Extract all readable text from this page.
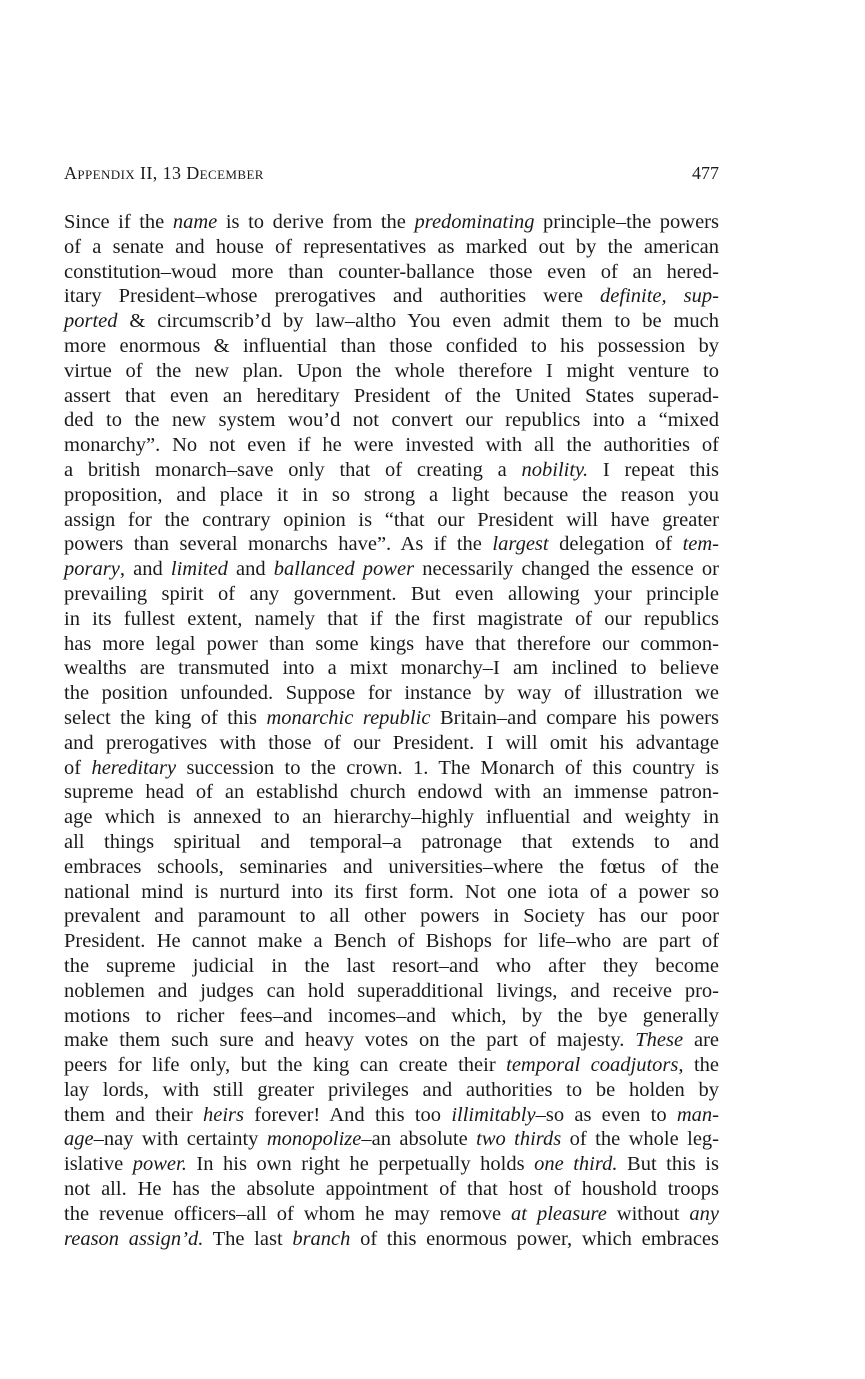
Appendix II, 13 December	477
Since if the name is to derive from the predominating principle–the powers
of a senate and house of representatives as marked out by the american
constitution–woud more than counter-ballance those even of an hered-
itary President–whose prerogatives and authorities were definite, sup-
ported & circumscrib’d by law–altho You even admit them to be much
more enormous & influential than those confided to his possession by
virtue of the new plan. Upon the whole therefore I might venture to
assert that even an hereditary President of the United States superad-
ded to the new system wou’d not convert our republics into a “mixed
monarchy”. No not even if he were invested with all the authorities of
a british monarch–save only that of creating a nobility. I repeat this
proposition, and place it in so strong a light because the reason you
assign for the contrary opinion is “that our President will have greater
powers than several monarchs have”. As if the largest delegation of tem-
porary, and limited and ballanced power necessarily changed the essence or
prevailing spirit of any government. But even allowing your principle
in its fullest extent, namely that if the first magistrate of our republics
has more legal power than some kings have that therefore our common-
wealths are transmuted into a mixt monarchy–I am inclined to believe
the position unfounded. Suppose for instance by way of illustration we
select the king of this monarchic republic Britain–and compare his powers
and prerogatives with those of our President. I will omit his advantage
of hereditary succession to the crown. 1. The Monarch of this country is
supreme head of an establishd church endowd with an immense patron-
age which is annexed to an hierarchy–highly influential and weighty in
all things spiritual and temporal–a patronage that extends to and
embraces schools, seminaries and universities–where the fœtus of the
national mind is nurturd into its first form. Not one iota of a power so
prevalent and paramount to all other powers in Society has our poor
President. He cannot make a Bench of Bishops for life–who are part of
the supreme judicial in the last resort–and who after they become
noblemen and judges can hold superadditional livings, and receive pro-
motions to richer fees–and incomes–and which, by the bye generally
make them such sure and heavy votes on the part of majesty. These are
peers for life only, but the king can create their temporal coadjutors, the
lay lords, with still greater privileges and authorities to be holden by
them and their heirs forever! And this too illimitably–so as even to man-
age–nay with certainty monopolize–an absolute two thirds of the whole leg-
islative power. In his own right he perpetually holds one third. But this is
not all. He has the absolute appointment of that host of houshold troops
the revenue officers–all of whom he may remove at pleasure without any
reason assign’d. The last branch of this enormous power, which embraces
